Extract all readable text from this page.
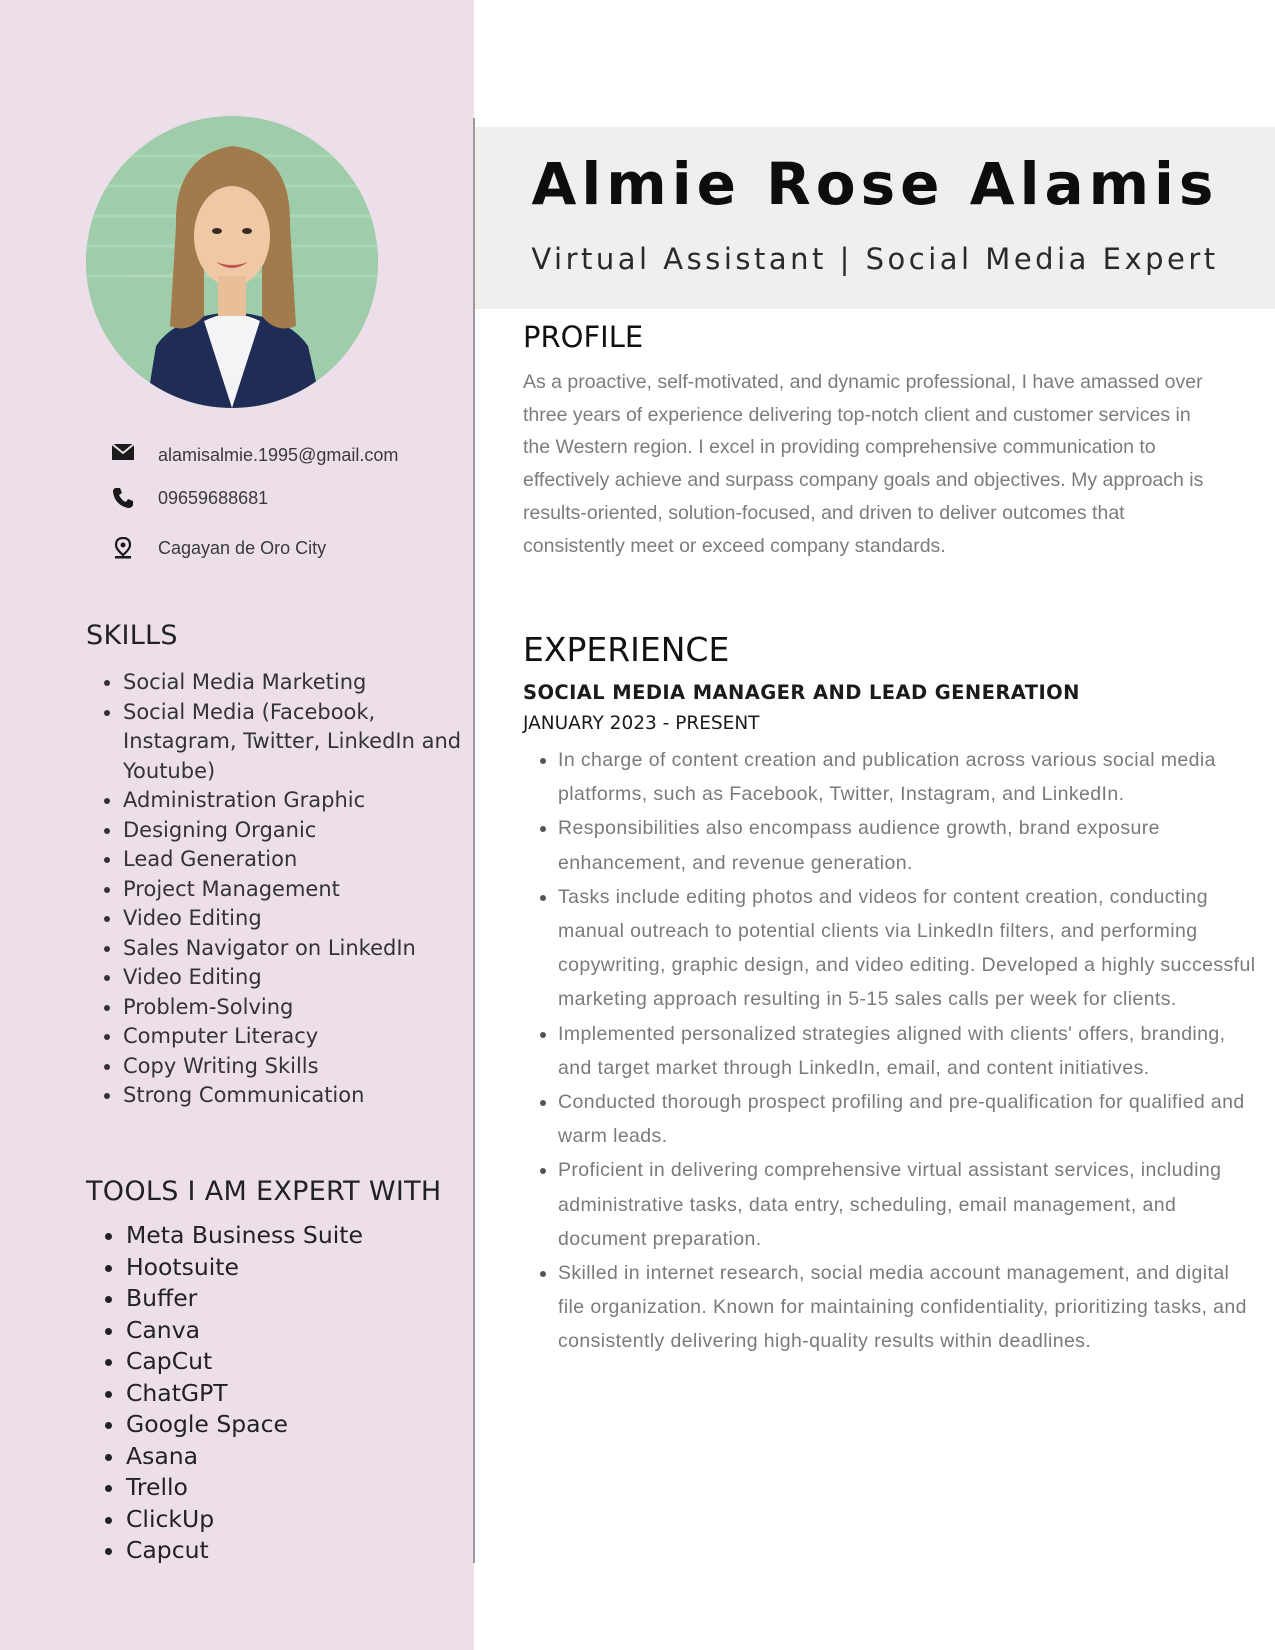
alamisalmie.1995@gmail.com
09659688681
Cagayan de Oro City
SKILLS
• Social Media Marketing
• Social Media (Facebook, Instagram, Twitter, LinkedIn and Youtube)
• Administration Graphic
• Designing Organic
• Lead Generation
• Project Management
• Video Editing
• Sales Navigator on LinkedIn
• Video Editing
• Problem-Solving
• Computer Literacy
• Copy Writing Skills
• Strong Communication
TOOLS I AM EXPERT WITH
• Meta Business Suite
• Hootsuite
• Buffer
• Canva
• CapCut
• ChatGPT
• Google Space
• Asana
• Trello
• ClickUp
• Capcut
Almie Rose Alamis
Virtual Assistant | Social Media Expert
PROFILE
As a proactive, self-motivated, and dynamic professional, I have amassed over three years of experience delivering top-notch client and customer services in the Western region. I excel in providing comprehensive communication to effectively achieve and surpass company goals and objectives. My approach is results-oriented, solution-focused, and driven to deliver outcomes that consistently meet or exceed company standards.
EXPERIENCE
SOCIAL MEDIA MANAGER AND LEAD GENERATION
JANUARY 2023 - PRESENT
• In charge of content creation and publication across various social media platforms, such as Facebook, Twitter, Instagram, and LinkedIn.
• Responsibilities also encompass audience growth, brand exposure enhancement, and revenue generation.
• Tasks include editing photos and videos for content creation, conducting manual outreach to potential clients via LinkedIn filters, and performing copywriting, graphic design, and video editing. Developed a highly successful marketing approach resulting in 5-15 sales calls per week for clients.
• Implemented personalized strategies aligned with clients' offers, branding, and target market through LinkedIn, email, and content initiatives.
• Conducted thorough prospect profiling and pre-qualification for qualified and warm leads.
• Proficient in delivering comprehensive virtual assistant services, including administrative tasks, data entry, scheduling, email management, and document preparation.
• Skilled in internet research, social media account management, and digital file organization. Known for maintaining confidentiality, prioritizing tasks, and consistently delivering high-quality results within deadlines.
